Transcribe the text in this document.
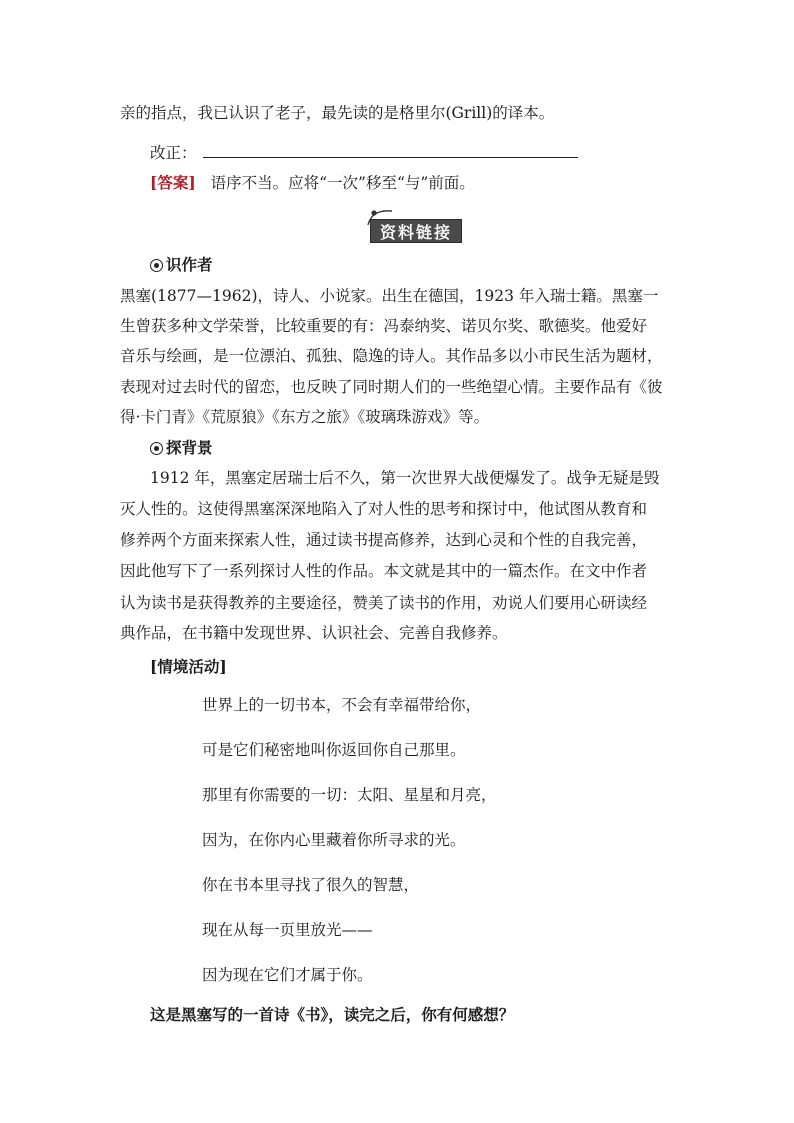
亲的指点，我已认识了老子，最先读的是格里尔(Grill)的译本。
改正：
[答案] 语序不当。应将“一次”移至“与”前面。
资料链接
识作者
黑塞(1877—1962)，诗人、小说家。出生在德国，1923 年入瑞士籍。黑塞一
生曾获多种文学荣誉，比较重要的有：冯泰纳奖、诺贝尔奖、歌德奖。他爱好
音乐与绘画，是一位漂泊、孤独、隐逸的诗人。其作品多以小市民生活为题材，
表现对过去时代的留恋，也反映了同时期人们的一些绝望心情。主要作品有《彼
得·卡门青》《荒原狼》《东方之旅》《玻璃珠游戏》等。
探背景
1912 年，黑塞定居瑞士后不久，第一次世界大战便爆发了。战争无疑是毁
灭人性的。这使得黑塞深深地陷入了对人性的思考和探讨中，他试图从教育和
修养两个方面来探索人性，通过读书提高修养，达到心灵和个性的自我完善，
因此他写下了一系列探讨人性的作品。本文就是其中的一篇杰作。在文中作者
认为读书是获得教养的主要途径，赞美了读书的作用，劝说人们要用心研读经
典作品，在书籍中发现世界、认识社会、完善自我修养。
[情境活动]
世界上的一切书本，不会有幸福带给你，
可是它们秘密地叫你返回你自己那里。
那里有你需要的一切：太阳、星星和月亮，
因为，在你内心里藏着你所寻求的光。
你在书本里寻找了很久的智慧，
现在从每一页里放光——
因为现在它们才属于你。
这是黑塞写的一首诗《书》，读完之后，你有何感想？
